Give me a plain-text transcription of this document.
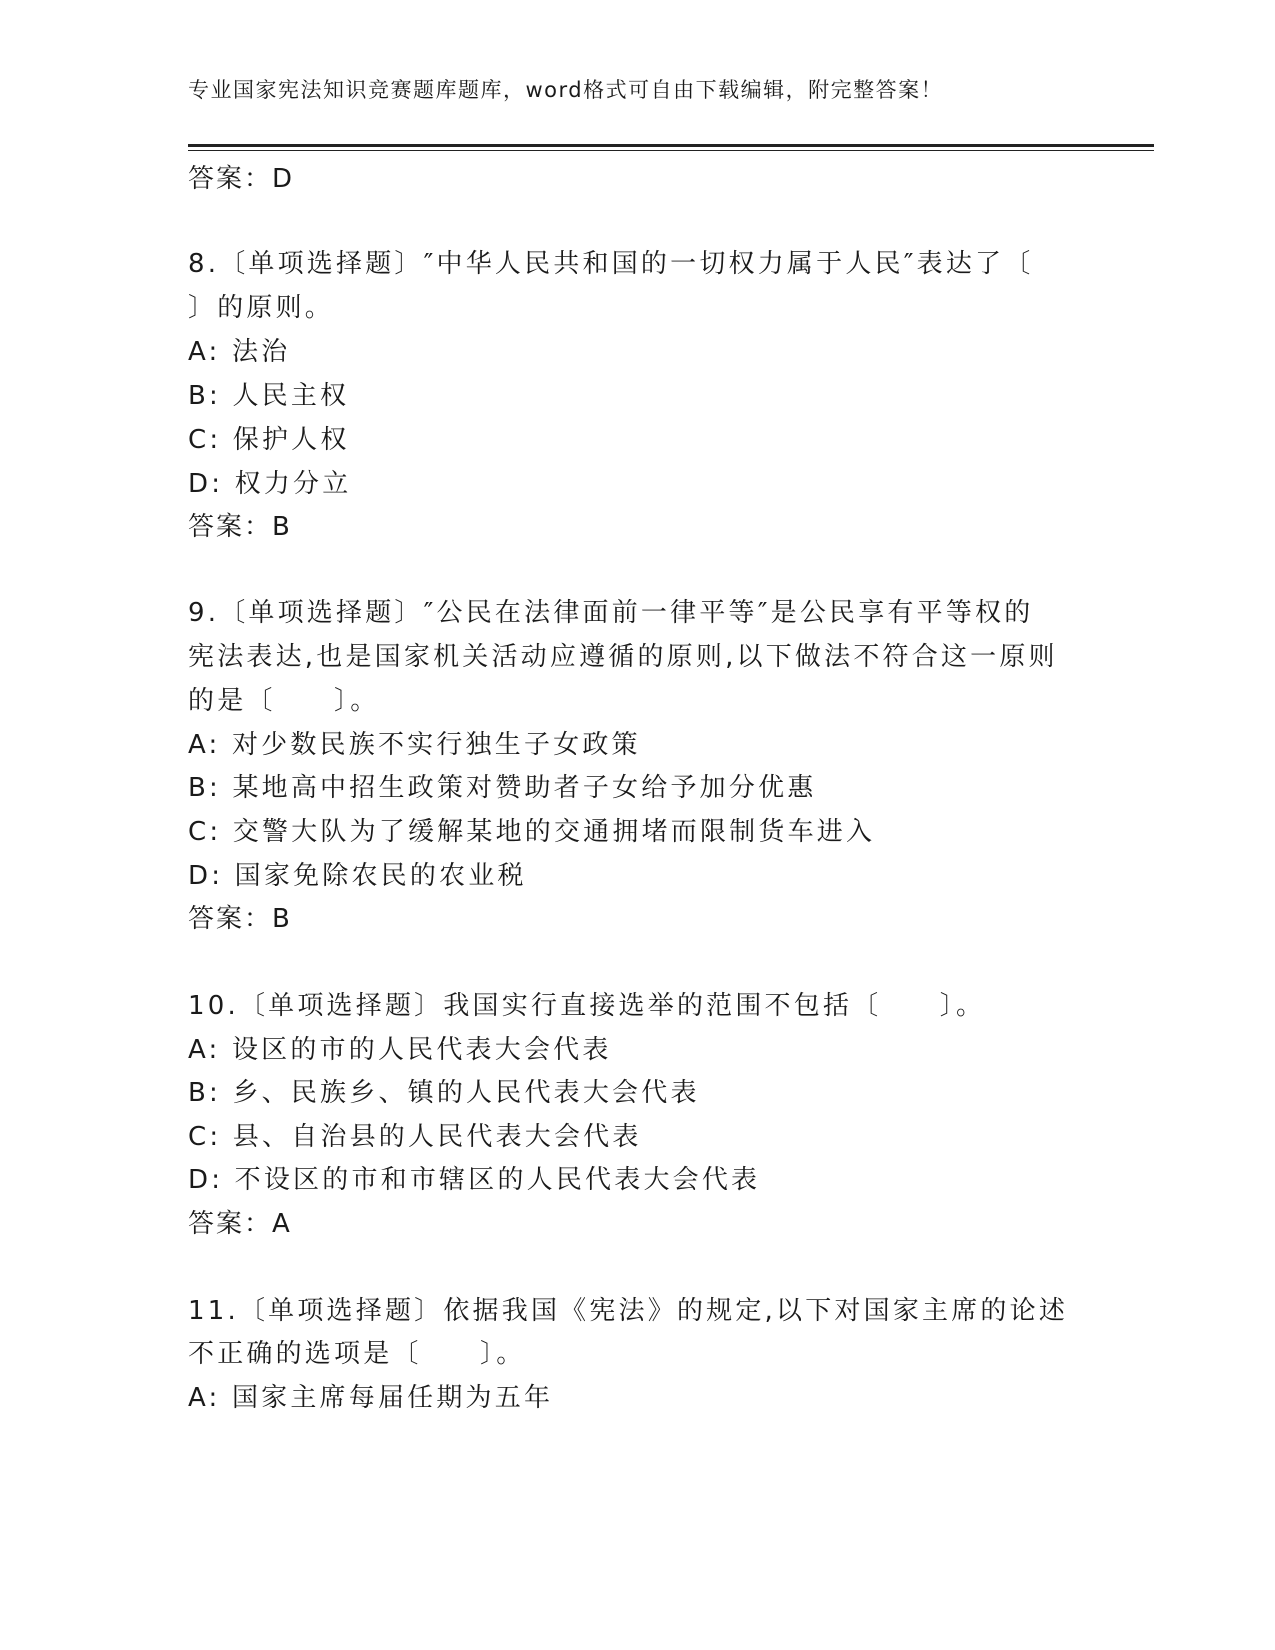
专业国家宪法知识竞赛题库题库，word格式可自由下载编辑，附完整答案！
答案：D
8.〔单项选择题〕″中华人民共和国的一切权力属于人民″表达了〔
〕的原则。
A: 法治
B: 人民主权
C: 保护人权
D: 权力分立
答案：B
9.〔单项选择题〕″公民在法律面前一律平等″是公民享有平等权的
宪法表达,也是国家机关活动应遵循的原则,以下做法不符合这一原则
的是〔　　〕。
A: 对少数民族不实行独生子女政策
B: 某地高中招生政策对赞助者子女给予加分优惠
C: 交警大队为了缓解某地的交通拥堵而限制货车进入
D: 国家免除农民的农业税
答案：B
10.〔单项选择题〕我国实行直接选举的范围不包括〔　　〕。
A: 设区的市的人民代表大会代表
B: 乡、民族乡、镇的人民代表大会代表
C: 县、自治县的人民代表大会代表
D: 不设区的市和市辖区的人民代表大会代表
答案：A
11.〔单项选择题〕依据我国《宪法》的规定,以下对国家主席的论述
不正确的选项是〔　　〕。
A: 国家主席每届任期为五年
